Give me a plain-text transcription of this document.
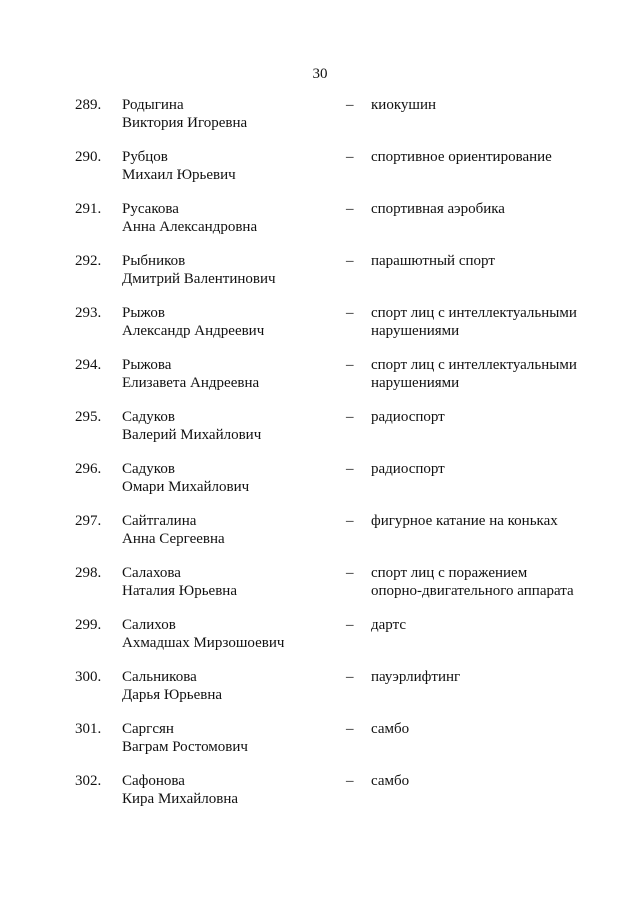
30
289.	Родыгина
Виктория Игоревна
– киокушин
290.	Рубцов
Михаил Юрьевич
– спортивное ориентирование
291.	Русакова
Анна Александровна
– спортивная аэробика
292.	Рыбников
Дмитрий Валентинович
– парашютный спорт
293.	Рыжов
Александр Андреевич
– спорт лиц с интеллектуальными
нарушениями
294.	Рыжова
Елизавета Андреевна
– спорт лиц с интеллектуальными
нарушениями
295.	Садуков
Валерий Михайлович
– радиоспорт
296.	Садуков
Омари Михайлович
– радиоспорт
297.	Сайтгалина
Анна Сергеевна
– фигурное катание на коньках
298.	Салахова
Наталия Юрьевна
– спорт лиц с поражением
опорно-двигательного аппарата
299.	Салихов
Ахмадшах Мирзошоевич
– дартс
300.	Сальникова
Дарья Юрьевна
– пауэрлифтинг
301.	Саргсян
Ваграм Ростомович
– самбо
302.	Сафонова
Кира Михайловна
– самбо
